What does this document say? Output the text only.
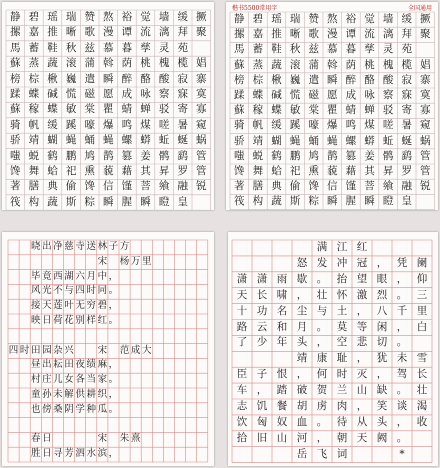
静 碧 瑶 瑞 赞 熬 裕 觉 墙 缓 撅
摞 嘉 推 晰 歌 漫 谭 流 漓 拜 聚
馬 蓄 鞋 秋 兹 慕 暮 孳 灵 苑
蘇 蒸 蔬 滚 蒲 斡 荫 桃 槐 榄 娼
榜 棕 楸 巍 遣 瞬 醉 酪 酸 寂 寨
蹂 蝶 碱 慌 磁 愿 成 咏 察 寐 寞
蘇 稼 蝶 敏 棠 瞿 蜻 蝉 驳 寄 寡
骑 帆 缓 蹊 嚎 爆 鸣 煤 嗟 暑 窥
骄 靖 蝴 蝇 蛹 蝇 螺 蟒 蚯 蜒 蜗
嗤 蜕 鹤 鹏 鸠 鹊 篡 姜 鹘 鹞 管
馋 舞 蛤 祀 熏 藐 藉 其 昇 罗 管
著 膳 典 偷 馋 信 馑 菩 飨 融 锐
筏 构 蔬 斯 粽 瞬 腥 瞬 瞪 皇
楷书5500常用字	全国通用
静 碧 瑶 瑞 赞 熬 裕 觉 墙 缓 撅
摞 嘉 推 晰 歌 漫 谭 流 漓 拜 聚
馬 蓄 鞋 秋 兹 慕 暮 孳 灵 苑
蘇 蒸 蔬 滚 蒲 斡 荫 桃 槐 榄 娼
榜 棕 楸 巍 遣 瞬 醉 酪 酸 寂 寨
蹂 蝶 碱 慌 磁 愿 成 咏 察 寐 寞
蘇 稼 蝶 敏 棠 瞿 蜻 蝉 驳 寄 寡
骑 帆 缓 蹊 嚎 爆 鸣 煤 嗟 暑 窥
骄 靖 蝴 蝇 蛹 蝇 螺 蟒 蚯 蜒 蜗
嗤 蜕 鹤 鹏 鸠 鹊 篡 姜 鹘 鹞 管
馋 舞 蛤 祀 熏 藐 藉 其 昇 罗 管
著 膳 典 偷 馋 信 馑 菩 飨 融 锐
筏 构 蔬 斯 粽 瞬 腥 瞬 瞪 皇
晓 出 净 慈 寺 送 林 子 方
宋 杨 万 里
毕 竟 西 湖 六 月 中 ，
风 光 不 与 四 时 同 。
接 天 莲 叶 无 穷 碧 ，
映 日 荷 花 别 样 红 。
四 时 田 园 杂 兴	宋 范 成 大
昼 出 耘 田 夜 绩 麻 ，
村 庄 儿 女 各 当 家 。
童 孙 未 解 供 耕 织 ，
也 傍 桑 阴 学 种 瓜 。
春 日	宋 朱 熹
胜 日 寻 芳 泗 水 滨 ，
满 江 红
怒 发 冲 冠 ， 凭 阑
潇 潇 雨 歇 。 抬 望 眼 ， 仰
天 长 啸 ， 壮 怀 激 烈 。 三
十 功 名 尘 与 土 ， 八 千 里
路 云 和 月 。 莫 等 闲 ， 白
了 少 年 头 ， 空 悲 切 。
靖 康 耻 ， 犹 未 雪
臣 子 恨 ， 何 时 灭 ， 驾 长
车 ， 踏 破 贺 兰 山 缺 。 壮
志 饥 餐 胡 虏 肉 ， 笑 谈 渴
饮 匈 奴 血 。 待 从 头 ， 收
拾 旧 山 河 ， 朝 天 阙 。
岳 飞 词	*
